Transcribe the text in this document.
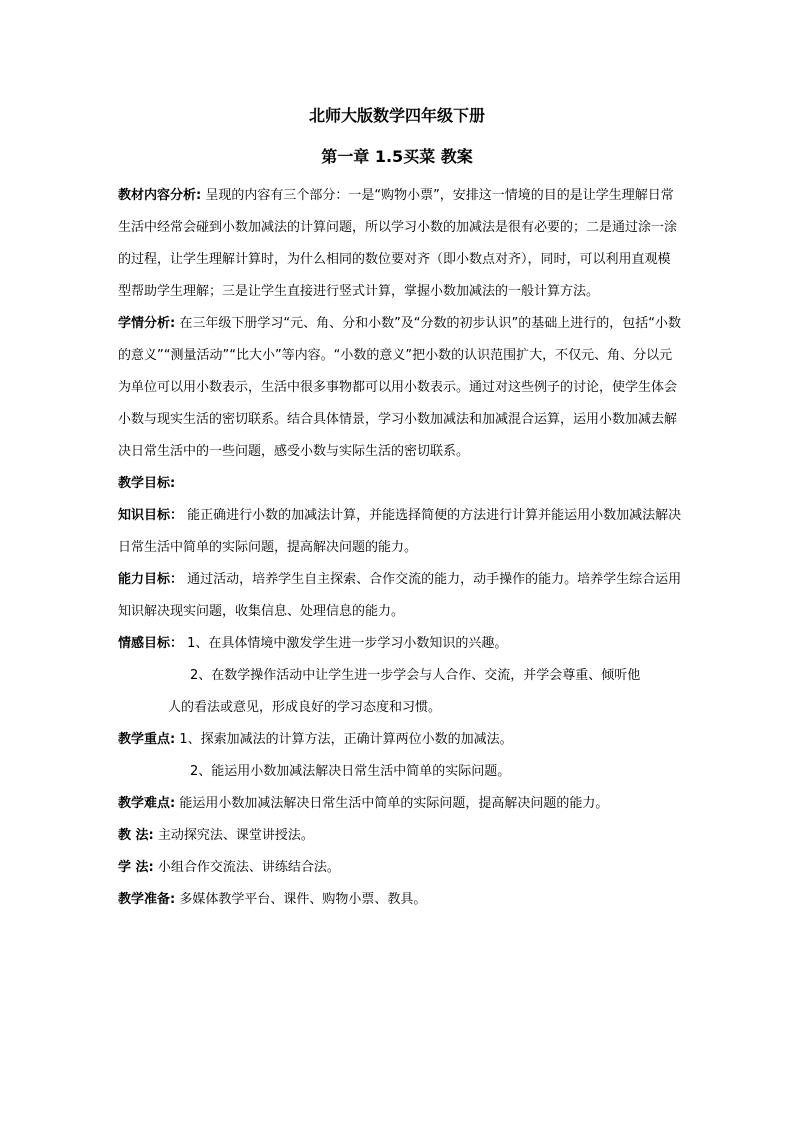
北师大版数学四年级下册
第一章 1.5买菜 教案

教材内容分析: 呈现的内容有三个部分：一是“购物小票”，安排这一情境的目的是让学生理解日常生活中经常会碰到小数加减法的计算问题，所以学习小数的加减法是很有必要的；二是通过涂一涂的过程，让学生理解计算时，为什么相同的数位要对齐（即小数点对齐），同时，可以利用直观模型帮助学生理解；三是让学生直接进行竖式计算，掌握小数加减法的一般计算方法。

学情分析: 在三年级下册学习“元、角、分和小数”及“分数的初步认识”的基础上进行的，包括“小数的意义”“测量活动”“比大小”等内容。“小数的意义”把小数的认识范围扩大，不仅元、角、分以元为单位可以用小数表示，生活中很多事物都可以用小数表示。通过对这些例子的讨论，使学生体会小数与现实生活的密切联系。结合具体情景，学习小数加减法和加减混合运算，运用小数加减去解决日常生活中的一些问题，感受小数与实际生活的密切联系。

教学目标:

知识目标： 能正确进行小数的加减法计算，并能选择简便的方法进行计算并能运用小数加减法解决日常生活中简单的实际问题，提高解决问题的能力。

能力目标： 通过活动，培养学生自主探索、合作交流的能力，动手操作的能力。培养学生综合运用知识解决现实问题，收集信息、处理信息的能力。

情感目标： 1、在具体情境中激发学生进一步学习小数知识的兴趣。

2、在数学操作活动中让学生进一步学会与人合作、交流，并学会尊重、倾听他

人的看法或意见，形成良好的学习态度和习惯。

教学重点: 1、探索加减法的计算方法，正确计算两位小数的加减法。

2、能运用小数加减法解决日常生活中简单的实际问题。

教学难点: 能运用小数加减法解决日常生活中简单的实际问题，提高解决问题的能力。

教 法: 主动探究法、课堂讲授法。

学 法: 小组合作交流法、讲练结合法。

教学准备: 多媒体教学平台、课件、购物小票、教具。
